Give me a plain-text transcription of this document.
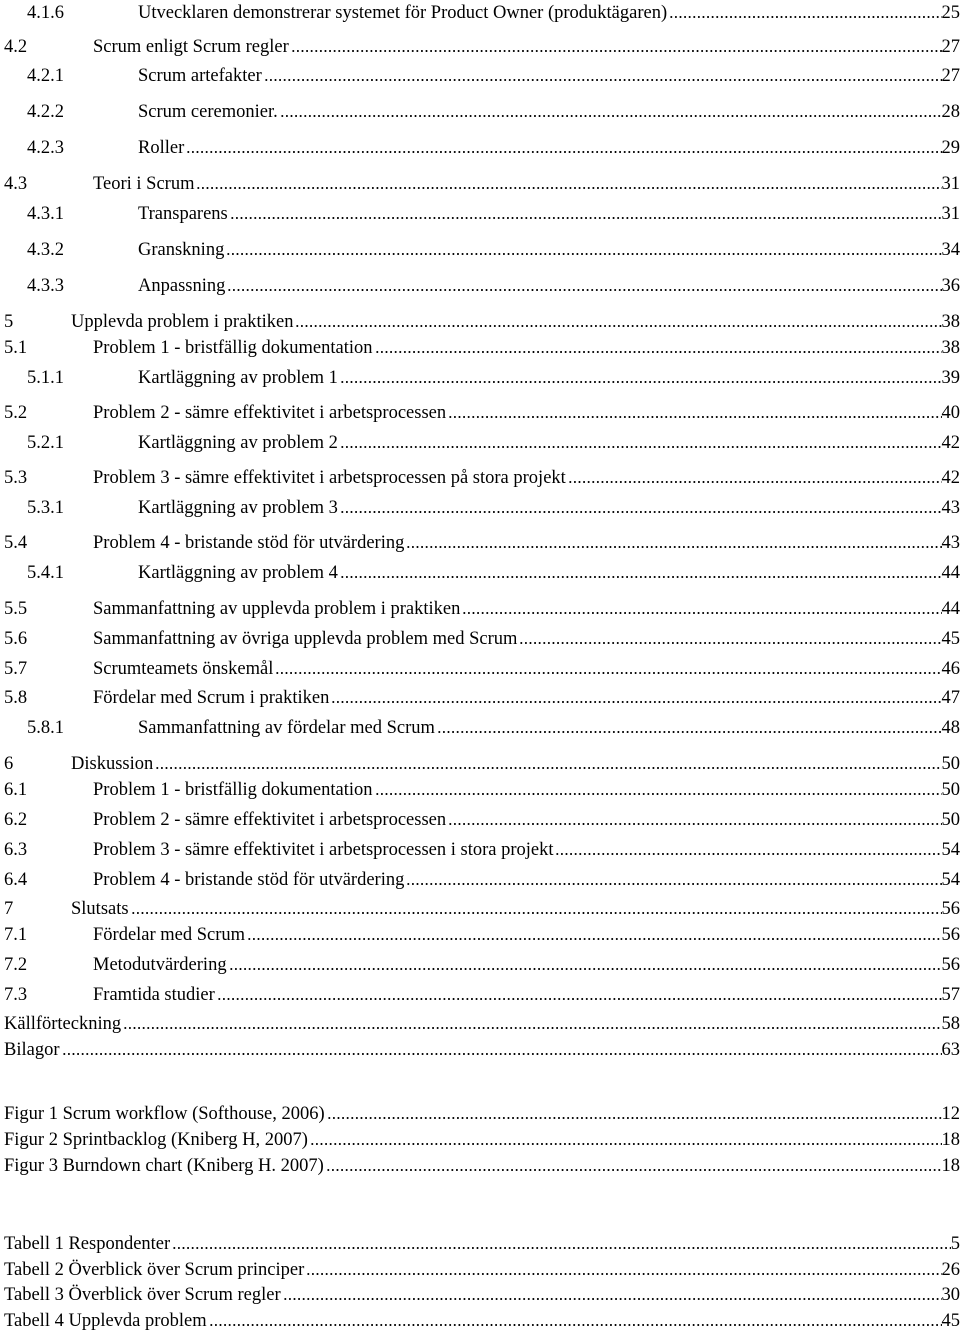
4.1.6	Utvecklaren demonstrerar systemet för Product Owner (produktägaren)	25
4.2	Scrum enligt Scrum regler	27
4.2.1	Scrum artefakter	27
4.2.2	Scrum ceremonier.	28
4.2.3	Roller	29
4.3	Teori i Scrum	31
4.3.1	Transparens	31
4.3.2	Granskning	34
4.3.3	Anpassning	36
5	Upplevda problem i praktiken	38
5.1	Problem 1 - bristfällig dokumentation	38
5.1.1	Kartläggning av problem 1	39
5.2	Problem 2 - sämre effektivitet i arbetsprocessen	40
5.2.1	Kartläggning av problem 2	42
5.3	Problem 3 - sämre effektivitet i arbetsprocessen på stora projekt	42
5.3.1	Kartläggning av problem 3	43
5.4	Problem 4 - bristande stöd för utvärdering	43
5.4.1	Kartläggning av problem 4	44
5.5	Sammanfattning av upplevda problem i praktiken	44
5.6	Sammanfattning av övriga upplevda problem med Scrum	45
5.7	Scrumteamets önskemål	46
5.8	Fördelar med Scrum i praktiken	47
5.8.1	Sammanfattning av fördelar med Scrum	48
6	Diskussion	50
6.1	Problem 1 - bristfällig dokumentation	50
6.2	Problem 2 - sämre effektivitet i arbetsprocessen	50
6.3	Problem 3 - sämre effektivitet i arbetsprocessen i stora projekt	54
6.4	Problem 4 - bristande stöd för utvärdering	54
7	Slutsats	56
7.1	Fördelar med Scrum	56
7.2	Metodutvärdering	56
7.3	Framtida studier	57
Källförteckning	58
Bilagor	63
Figur 1 Scrum workflow (Softhouse, 2006)	12
Figur 2 Sprintbacklog (Kniberg H, 2007)	18
Figur 3 Burndown chart (Kniberg H. 2007)	18
Tabell 1 Respondenter	5
Tabell 2 Överblick över Scrum principer	26
Tabell 3 Överblick över Scrum regler	30
Tabell 4 Upplevda problem	45
